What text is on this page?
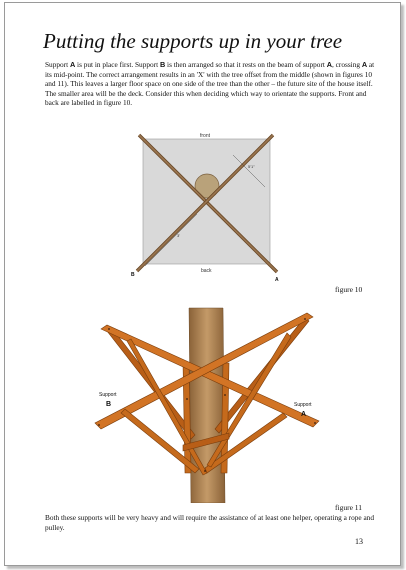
Putting the supports up in your tree
Support A is put in place first. Support B is then arranged so that it rests on the beam of support A, crossing A at its mid-point. The correct arrangement results in an 'X' with the tree offset from the middle (shown in figures 10 and 11). This leaves a larger floor space on one side of the tree than the other – the future site of the house itself. The smaller area will be the deck. Consider this when deciding which way to orientate the supports. Front and back are labelled in figure 10.
front
back
A
B
5'1"
3'
figure 10
Support
B	Support
A
figure 11
Both these supports will be very heavy and will require the assistance of at least one helper, operating a rope and pulley.
13
